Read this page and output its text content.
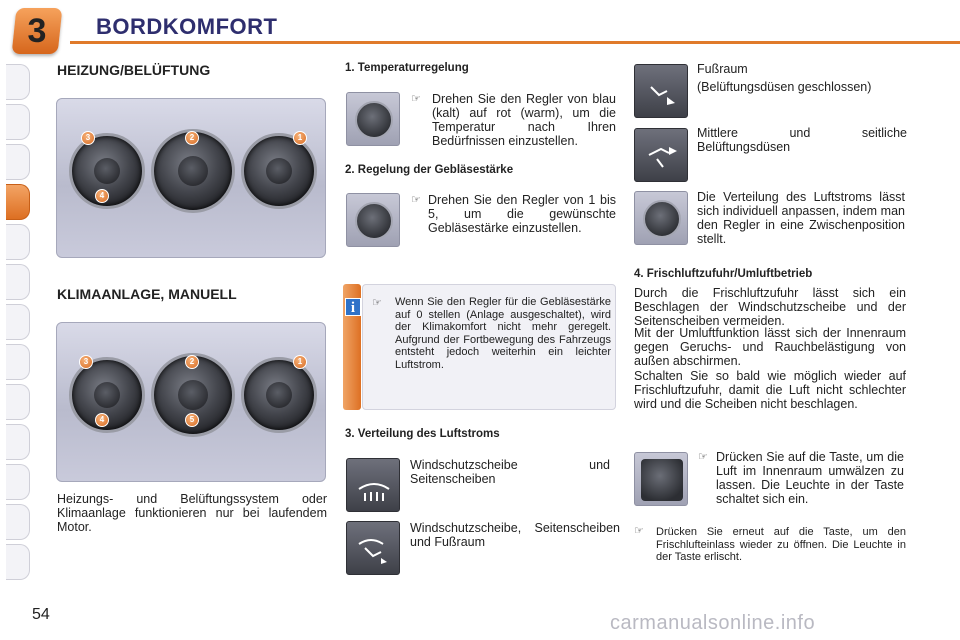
3	BORDKOMFORT
HEIZUNG/BELÜFTUNG
3	2	1
4
KLIMAANLAGE, MANUELL
3	2	1
4	5
Heizungs- und Belüftungssystem oder Klimaanlage funktionieren nur bei laufendem Motor.
1. Temperaturregelung
☞ Drehen Sie den Regler von blau (kalt) auf rot (warm), um die Temperatur nach Ihren Bedürfnissen einzustellen.
2. Regelung der Gebläsestärke
☞ Drehen Sie den Regler von 1 bis 5, um die gewünschte Gebläsestärke einzustellen.
i	☞ Wenn Sie den Regler für die Gebläsestärke auf 0 stellen (Anlage ausgeschaltet), wird der Klimakomfort nicht mehr geregelt. Aufgrund der Fortbewegung des Fahrzeugs entsteht jedoch weiterhin ein leichter Luftstrom.
3. Verteilung des Luftstroms
Windschutzscheibe und Seitenscheiben
Windschutzscheibe, Seitenscheiben und Fußraum
Fußraum
(Belüftungsdüsen geschlossen)
Mittlere und seitliche Belüftungsdüsen
Die Verteilung des Luftstroms lässt sich individuell anpassen, indem man den Regler in eine Zwischenposition stellt.
4. Frischluftzufuhr/Umluftbetrieb
Durch die Frischluftzufuhr lässt sich ein Beschlagen der Windschutzscheibe und der Seitenscheiben vermeiden.
Mit der Umluftfunktion lässt sich der Innenraum gegen Geruchs- und Rauchbelästigung von außen abschirmen.
Schalten Sie so bald wie möglich wieder auf Frischluftzufuhr, damit die Luft nicht schlechter wird und die Scheiben nicht beschlagen.
☞ Drücken Sie auf die Taste, um die Luft im Innenraum umwälzen zu lassen. Die Leuchte in der Taste schaltet sich ein.
☞ Drücken Sie erneut auf die Taste, um den Frischlufteinlass wieder zu öffnen. Die Leuchte in der Taste erlischt.
54	carmanualsonline.info
